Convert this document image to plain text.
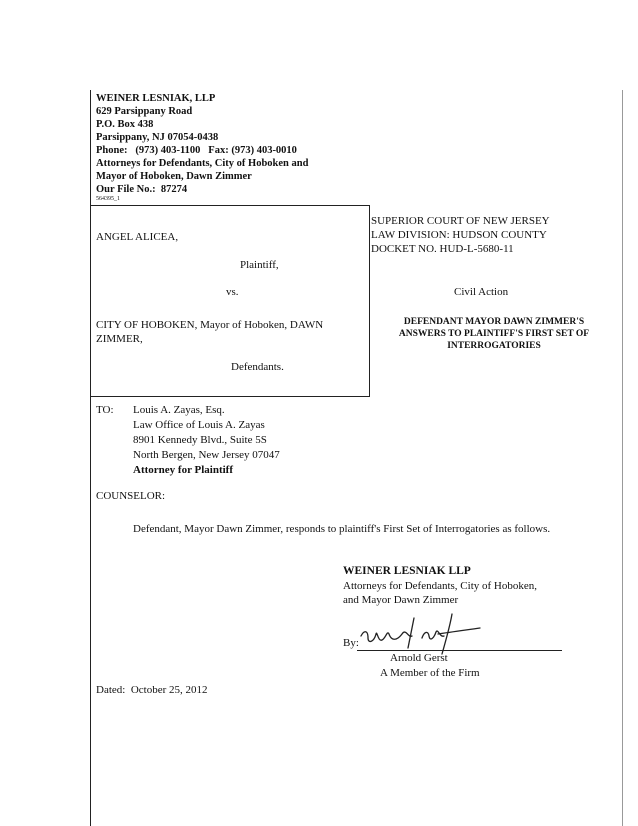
WEINER LESNIAK, LLP
629 Parsippany Road
P.O. Box 438
Parsippany, NJ 07054-0438
Phone:   (973) 403-1100   Fax: (973) 403-0010
Attorneys for Defendants, City of Hoboken and
Mayor of Hoboken, Dawn Zimmer
Our File No.:  87274
564395_1
ANGEL ALICEA,
Plaintiff,
vs.
CITY OF HOBOKEN, Mayor of Hoboken, DAWN
ZIMMER,
Defendants.
SUPERIOR COURT OF NEW JERSEY
LAW DIVISION: HUDSON COUNTY
DOCKET NO. HUD-L-5680-11
Civil Action
DEFENDANT MAYOR DAWN ZIMMER'S
ANSWERS TO PLAINTIFF'S FIRST SET OF
INTERROGATORIES
TO: Louis A. Zayas, Esq.
Law Office of Louis A. Zayas
8901 Kennedy Blvd., Suite 5S
North Bergen, New Jersey 07047
Attorney for Plaintiff
COUNSELOR:
Defendant, Mayor Dawn Zimmer, responds to plaintiff's First Set of Interrogatories as follows.
WEINER LESNIAK LLP
Attorneys for Defendants, City of Hoboken,
and Mayor Dawn Zimmer
By:
Arnold Gerst
A Member of the Firm
Dated:  October 25, 2012
